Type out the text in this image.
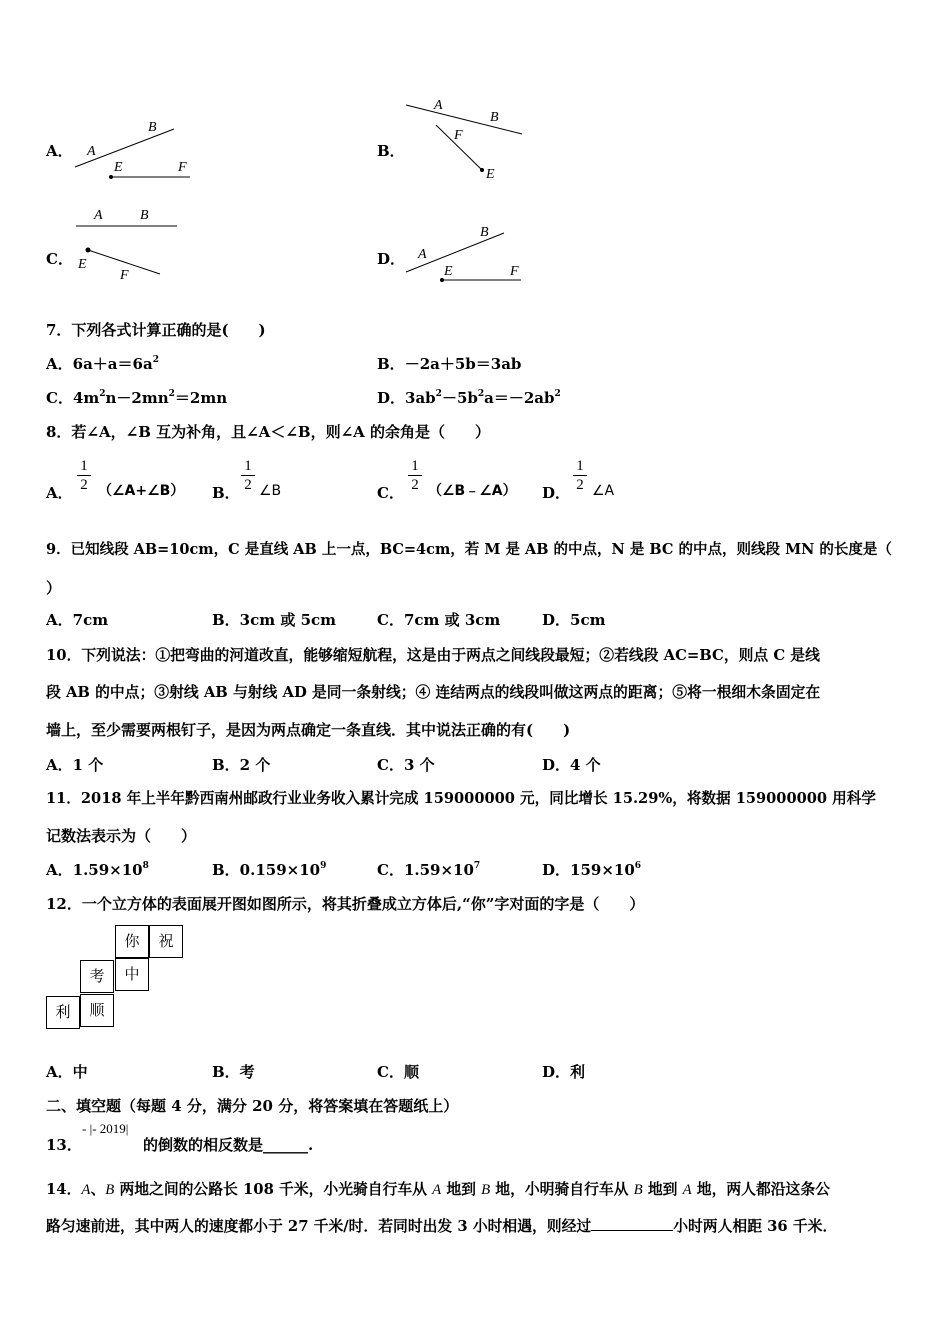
A． A
B
E	F
B．
A
B
F
E
C．
A	B
E
F
D． A
B
E	F
7．下列各式计算正确的是(　　)
A．$6a+a=6a^2$	B．－2a＋5b＝3ab
C．$4m^2n-2mn^2=2mn$	D．$3ab^2-5b^2a=-2ab^2$
8．若∠A，∠B 互为补角，且∠A＜∠B，则∠A 的余角是（　　）
A．
1
2 （∠A+∠B） B．
1
2 ∠B	C．
1
2 （∠B﹣∠A） D．
1
2 ∠A
9．已知线段 AB=10cm，C 是直线 AB 上一点，BC=4cm，若 M 是 AB 的中点，N 是 BC 的中点，则线段 MN 的长度是（
）
A．7cm	B．3cm 或 5cm	C．7cm 或 3cm	D．5cm
10．下列说法：①把弯曲的河道改直，能够缩短航程，这是由于两点之间线段最短；②若线段 AC=BC，则点 C 是线
段 AB 的中点；③射线 AB 与射线 AD 是同一条射线；④ 连结两点的线段叫做这两点的距离；⑤将一根细木条固定在
墙上，至少需要两根钉子，是因为两点确定一条直线．其中说法正确的有(　　)
A．1 个	B．2 个	C．3 个	D．4 个
11．2018 年上半年黔西南州邮政行业业务收入累计完成 159000000 元，同比增长 15.29%，将数据 159000000 用科学
记数法表示为（　　）
A．$1.59\times 10^8$	B．$0.159\times 10^9$	C．$1.59\times 10^7$	D．$159\times 10^6$
12．一个立方体的表面展开图如图所示，将其折叠成立方体后,“你”字对面的字是（　　）
你	祝
考	中
利	顺
A．中	B．考	C．顺	D．利
二、填空题（每题 4 分，满分 20 分，将答案填在答题纸上）
13．
- |- 2019|
的倒数的相反数是______.
14．A、B 两地之间的公路长 108 千米，小光骑自行车从 A 地到 B 地，小明骑自行车从 B 地到 A 地，两人都沿这条公
路匀速前进，其中两人的速度都小于 27 千米/时．若同时出发 3 小时相遇，则经过	小时两人相距 36 千米．
